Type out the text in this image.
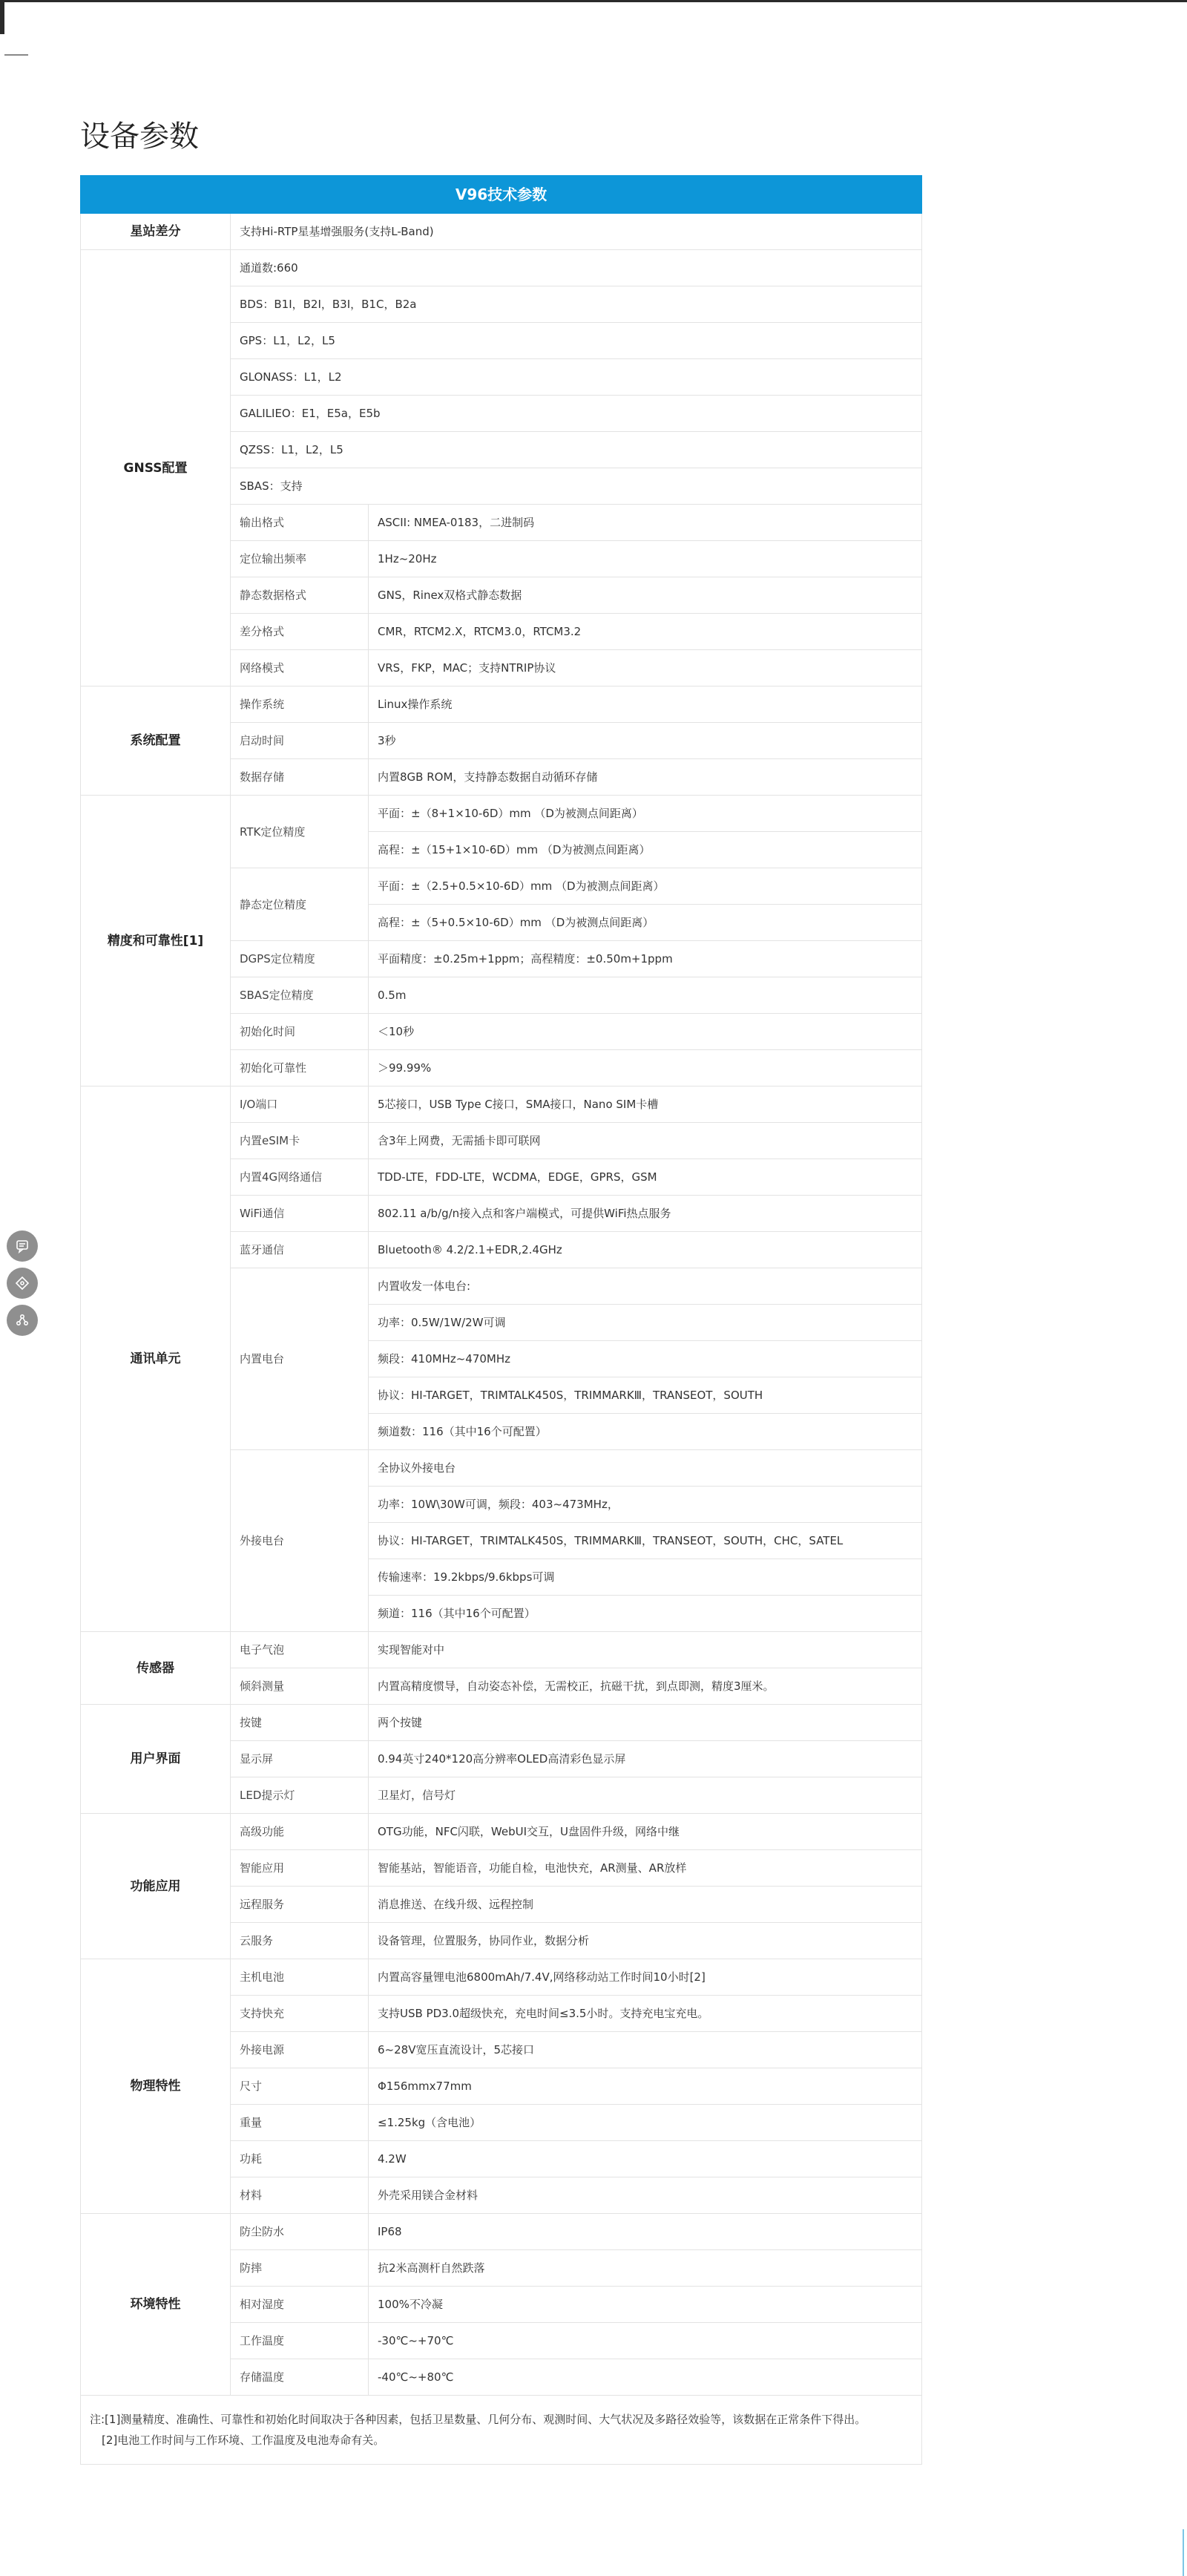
设备参数
V96技术参数		
星站差分	支持Hi-RTP星基增强服务(支持L-Band)	
GNSS配置	通道数:660	
	BDS：B1I，B2I，B3I，B1C，B2a	
	GPS：L1，L2，L5	
	GLONASS：L1，L2	
	GALILIEO：E1，E5a，E5b	
	QZSS：L1，L2，L5	
	SBAS：支持	
	输出格式	ASCII: NMEA-0183，二进制码
	定位输出频率	1Hz~20Hz
	静态数据格式	GNS，Rinex双格式静态数据
	差分格式	CMR，RTCM2.X，RTCM3.0，RTCM3.2
	网络模式	VRS，FKP，MAC；支持NTRIP协议
系统配置	操作系统	Linux操作系统
	启动时间	3秒
	数据存储	内置8GB ROM，支持静态数据自动循环存储
精度和可靠性[1]	RTK定位精度	平面：±（8+1×10-6D）mm （D为被测点间距离）
		高程：±（15+1×10-6D）mm （D为被测点间距离）
	静态定位精度	平面：±（2.5+0.5×10-6D）mm （D为被测点间距离）
		高程：±（5+0.5×10-6D）mm （D为被测点间距离）
	DGPS定位精度	平面精度：±0.25m+1ppm；高程精度：±0.50m+1ppm
	SBAS定位精度	0.5m
	初始化时间	＜10秒
	初始化可靠性	＞99.99%
通讯单元	I/O端口	5芯接口，USB Type C接口，SMA接口，Nano SIM卡槽
	内置eSIM卡	含3年上网费，无需插卡即可联网
	内置4G网络通信	TDD-LTE，FDD-LTE，WCDMA，EDGE，GPRS，GSM
	WiFi通信	802.11 a/b/g/n接入点和客户端模式，可提供WiFi热点服务
	蓝牙通信	Bluetooth® 4.2/2.1+EDR,2.4GHz
	内置电台	内置收发一体电台:
		功率：0.5W/1W/2W可调
		频段：410MHz~470MHz
		协议：HI-TARGET，TRIMTALK450S，TRIMMARKⅢ，TRANSEOT，SOUTH
		频道数：116（其中16个可配置）
	外接电台	全协议外接电台
		功率：10W\30W可调，频段：403~473MHz，
		协议：HI-TARGET，TRIMTALK450S，TRIMMARKⅢ，TRANSEOT，SOUTH，CHC，SATEL
		传输速率：19.2kbps/9.6kbps可调
		频道：116（其中16个可配置）
传感器	电子气泡	实现智能对中
	倾斜测量	内置高精度惯导，自动姿态补偿，无需校正，抗磁干扰，到点即测，精度3厘米。
用户界面	按键	两个按键
	显示屏	0.94英寸240*120高分辨率OLED高清彩色显示屏
	LED提示灯	卫星灯，信号灯
功能应用	高级功能	OTG功能，NFC闪联，WebUI交互，U盘固件升级，网络中继
	智能应用	智能基站，智能语音，功能自检，电池快充，AR测量、AR放样
	远程服务	消息推送、在线升级、远程控制
	云服务	设备管理，位置服务，协同作业，数据分析
物理特性	主机电池	内置高容量锂电池6800mAh/7.4V,网络移动站工作时间10小时[2]
	支持快充	支持USB PD3.0超级快充，充电时间≤3.5小时。支持充电宝充电。
	外接电源	6~28V宽压直流设计，5芯接口
	尺寸	Φ156mmx77mm
	重量	≤1.25kg（含电池）
	功耗	4.2W
	材料	外壳采用镁合金材料
环境特性	防尘防水	IP68
	防摔	抗2米高测杆自然跌落
	相对湿度	100%不冷凝
	工作温度	-30℃~+70℃
	存储温度	-40℃~+80℃

注:[1]测量精度、准确性、可靠性和初始化时间取决于各种因素，包括卫星数量、几何分布、观测时间、大气状况及多路径效验等，该数据在正常条件下得出。
[2]电池工作时间与工作环境、工作温度及电池寿命有关。		
